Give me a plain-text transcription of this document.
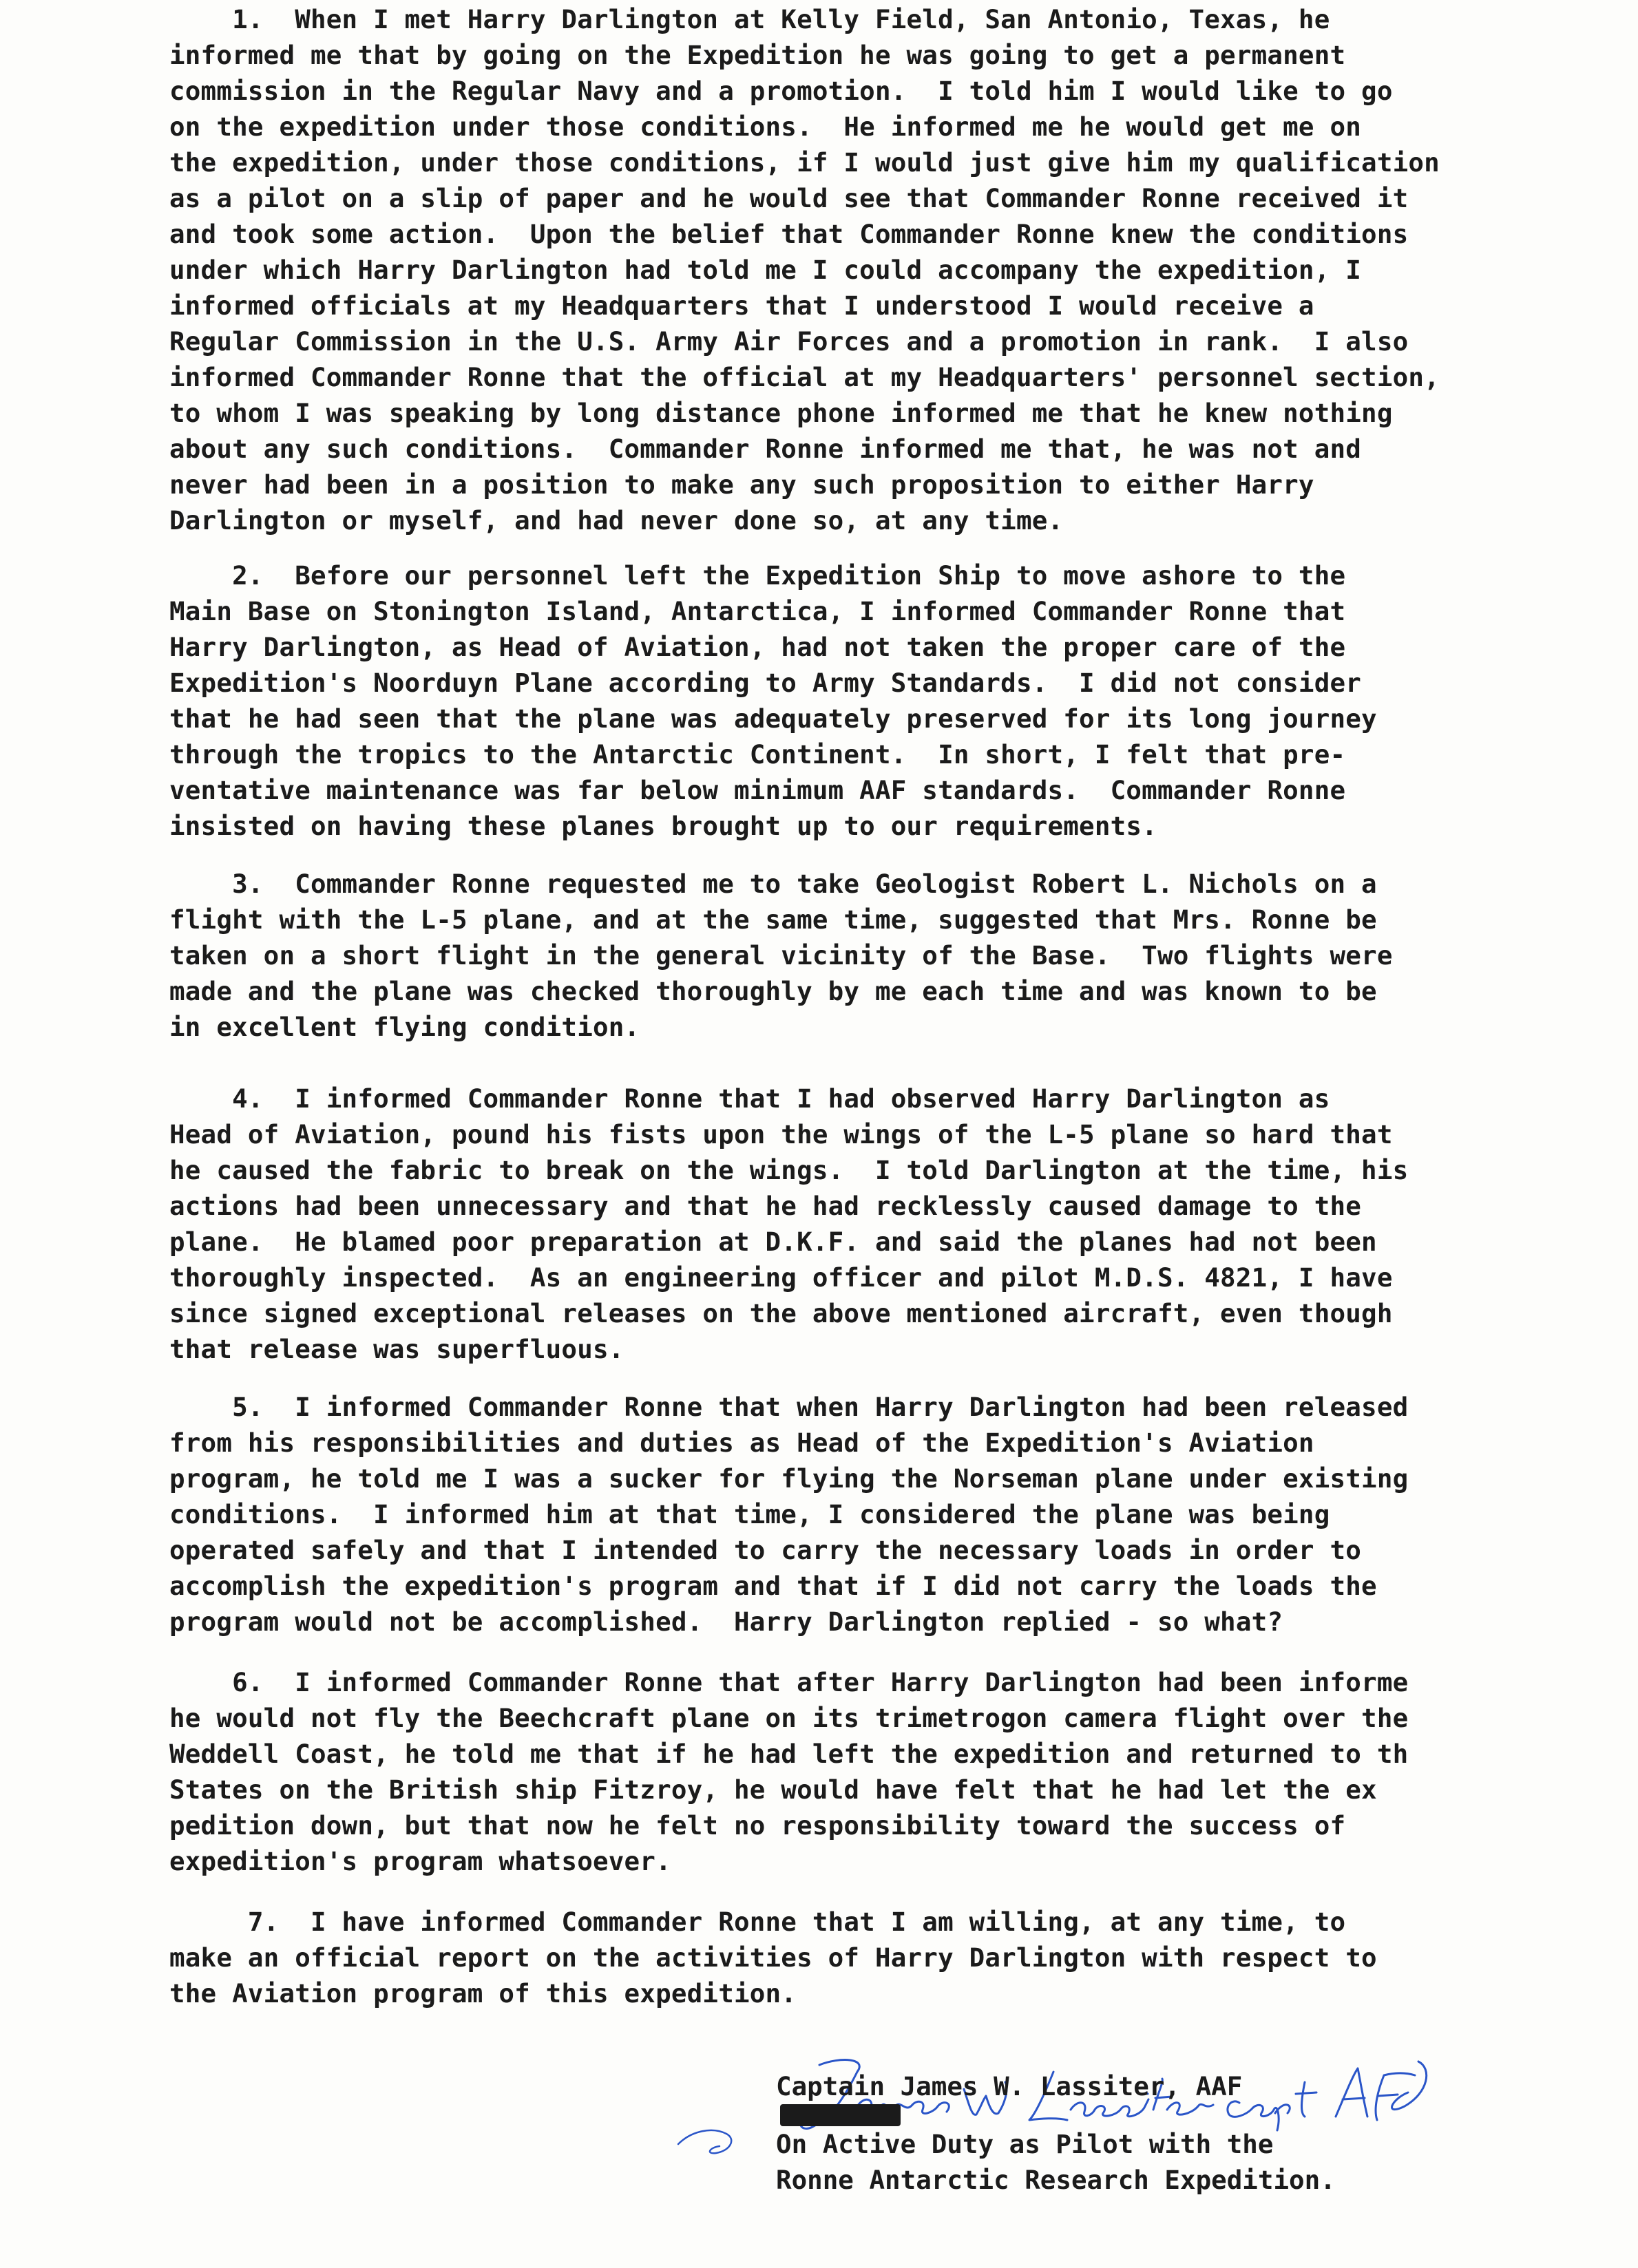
1.  When I met Harry Darlington at Kelly Field, San Antonio, Texas, he
informed me that by going on the Expedition he was going to get a permanent
commission in the Regular Navy and a promotion.  I told him I would like to go
on the expedition under those conditions.  He informed me he would get me on
the expedition, under those conditions, if I would just give him my qualification
as a pilot on a slip of paper and he would see that Commander Ronne received it
and took some action.  Upon the belief that Commander Ronne knew the conditions
under which Harry Darlington had told me I could accompany the expedition, I
informed officials at my Headquarters that I understood I would receive a
Regular Commission in the U.S. Army Air Forces and a promotion in rank.  I also
informed Commander Ronne that the official at my Headquarters' personnel section,
to whom I was speaking by long distance phone informed me that he knew nothing
about any such conditions.  Commander Ronne informed me that, he was not and
never had been in a position to make any such proposition to either Harry
Darlington or myself, and had never done so, at any time.
2.  Before our personnel left the Expedition Ship to move ashore to the
Main Base on Stonington Island, Antarctica, I informed Commander Ronne that
Harry Darlington, as Head of Aviation, had not taken the proper care of the
Expedition's Noorduyn Plane according to Army Standards.  I did not consider
that he had seen that the plane was adequately preserved for its long journey
through the tropics to the Antarctic Continent.  In short, I felt that pre-
ventative maintenance was far below minimum AAF standards.  Commander Ronne
insisted on having these planes brought up to our requirements.
3.  Commander Ronne requested me to take Geologist Robert L. Nichols on a
flight with the L-5 plane, and at the same time, suggested that Mrs. Ronne be
taken on a short flight in the general vicinity of the Base.  Two flights were
made and the plane was checked thoroughly by me each time and was known to be
in excellent flying condition.
4.  I informed Commander Ronne that I had observed Harry Darlington as
Head of Aviation, pound his fists upon the wings of the L-5 plane so hard that
he caused the fabric to break on the wings.  I told Darlington at the time, his
actions had been unnecessary and that he had recklessly caused damage to the
plane.  He blamed poor preparation at D.K.F. and said the planes had not been
thoroughly inspected.  As an engineering officer and pilot M.D.S. 4821, I have
since signed exceptional releases on the above mentioned aircraft, even though
that release was superfluous.
5.  I informed Commander Ronne that when Harry Darlington had been released
from his responsibilities and duties as Head of the Expedition's Aviation
program, he told me I was a sucker for flying the Norseman plane under existing
conditions.  I informed him at that time, I considered the plane was being
operated safely and that I intended to carry the necessary loads in order to
accomplish the expedition's program and that if I did not carry the loads the
program would not be accomplished.  Harry Darlington replied - so what?
6.  I informed Commander Ronne that after Harry Darlington had been informe
he would not fly the Beechcraft plane on its trimetrogon camera flight over the
Weddell Coast, he told me that if he had left the expedition and returned to th
States on the British ship Fitzroy, he would have felt that he had let the ex
pedition down, but that now he felt no responsibility toward the success of
expedition's program whatsoever.
7.  I have informed Commander Ronne that I am willing, at any time, to
make an official report on the activities of Harry Darlington with respect to
the Aviation program of this expedition.
Captain James W. Lassiter, AAF
On Active Duty as Pilot with the
Ronne Antarctic Research Expedition.
